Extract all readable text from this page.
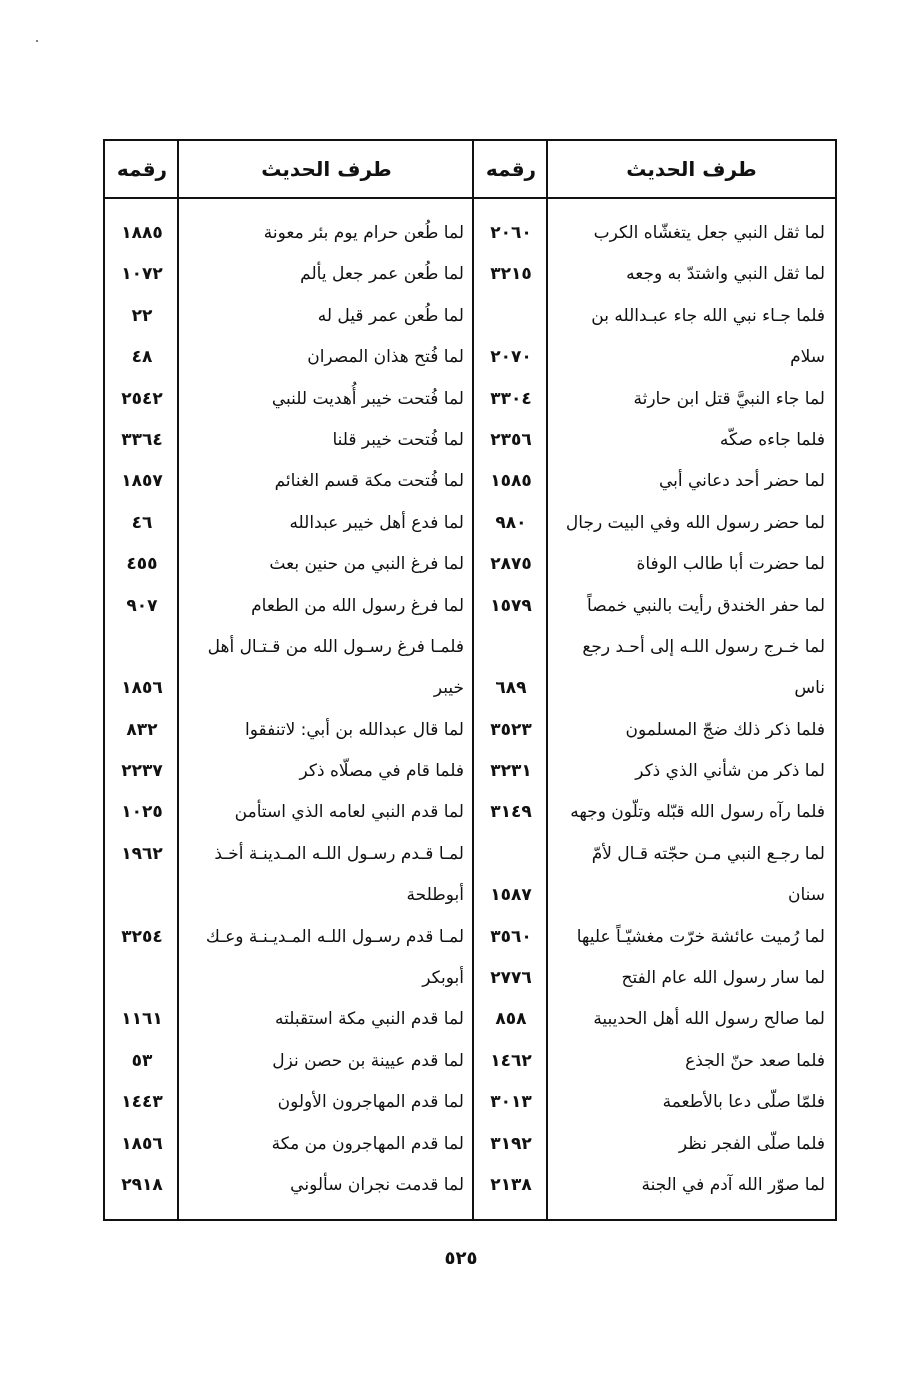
رقمه
١٨٨٥
١٠٧٢
٢٢
٤٨
٢٥٤٢
٣٣٦٤
١٨٥٧
٤٦
٤٥٥
٩٠٧
١٨٥٦
٨٣٢
٢٢٣٧
١٠٢٥
١٩٦٢
٣٢٥٤
١١٦١
٥٣
١٤٤٣
١٨٥٦
٢٩١٨
طرف الحديث
لما طُعن حرام يوم بئر معونة
لما طُعن عمر جعل يألم
لما طُعن عمر قيل له
لما فُتح هذان المصران
لما فُتحت خيبر أُهديت للنبي
لما فُتحت خيبر قلنا
لما فُتحت مكة قسم الغنائم
لما فدع أهل خيبر عبدالله
لما فرغ النبي من حنين بعث
لما فرغ رسول الله من الطعام
فلمـا فرغ رسـول الله من قـتـال أهل
خيبر
لما قال عبدالله بن أبي: لاتنفقوا
فلما قام في مصلّاه ذكر
لما قدم النبي لعامه الذي استأمن
لمـا قـدم رسـول اللـه المـدينـة أخـذ
أبوطلحة
لمـا قدم رسـول اللـه المـديـنـة وعـك
أبوبكر
لما قدم النبي مكة استقبلته
لما قدم عيينة بن حصن نزل
لما قدم المهاجرون الأولون
لما قدم المهاجرون من مكة
لما قدمت نجران سألوني
رقمه
٢٠٦٠
٣٢١٥
٢٠٧٠
٣٣٠٤
٢٣٥٦
١٥٨٥
٩٨٠
٢٨٧٥
١٥٧٩
٦٨٩
٣٥٢٣
٣٢٣١
٣١٤٩
١٥٨٧
٣٥٦٠
٢٧٧٦
٨٥٨
١٤٦٢
٣٠١٣
٣١٩٢
٢١٣٨
طرف الحديث
لما ثقل النبي جعل يتغشّاه الكرب
لما ثقل النبي واشتدّ به وجعه
فلما جـاء نبي الله جاء عبـدالله بن
سلام
لما جاء النبيَّ قتل ابن حارثة
فلما جاءه صكّه
لما حضر أحد دعاني أبي
لما حضر رسول الله وفي البيت رجال
لما حضرت أبا طالب الوفاة
لما حفر الخندق رأيت بالنبي خمصاً
لما خـرج رسول اللـه إلى أحـد رجع
ناس
فلما ذكر ذلك ضجّ المسلمون
لما ذكر من شأني الذي ذكر
فلما رآه رسول الله قبّله وتلّون وجهه
لما رجـع النبي مـن حجّته قـال لأمّ
سنان
لما رُميت عائشة خرّت مغشيّـاً عليها
لما سار رسول الله عام الفتح
لما صالح رسول الله أهل الحديبية
فلما صعد حنّ الجذع
فلمّا صلّى دعا بالأطعمة
فلما صلّى الفجر نظر
لما صوّر الله آدم في الجنة
٥٢٥
